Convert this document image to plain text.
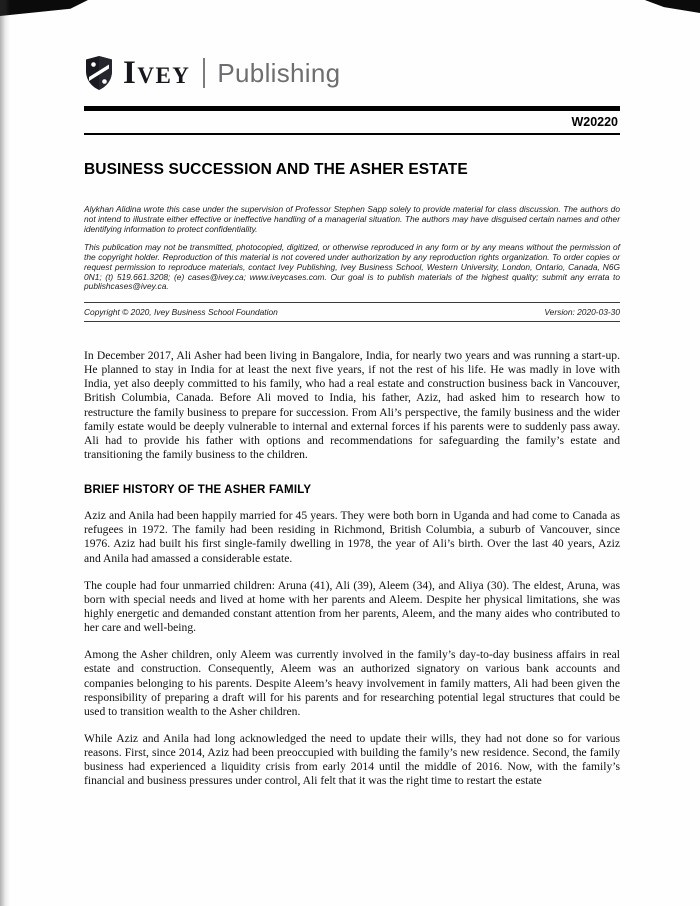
Ivey Publishing
W20220
BUSINESS SUCCESSION AND THE ASHER ESTATE

Alykhan Alidina wrote this case under the supervision of Professor Stephen Sapp solely to provide material for class discussion. The authors do not intend to illustrate either effective or ineffective handling of a managerial situation. The authors may have disguised certain names and other identifying information to protect confidentiality.

This publication may not be transmitted, photocopied, digitized, or otherwise reproduced in any form or by any means without the permission of the copyright holder. Reproduction of this material is not covered under authorization by any reproduction rights organization. To order copies or request permission to reproduce materials, contact Ivey Publishing, Ivey Business School, Western University, London, Ontario, Canada, N6G 0N1; (t) 519.661.3208; (e) cases@ivey.ca; www.iveycases.com. Our goal is to publish materials of the highest quality; submit any errata to publishcases@ivey.ca.

Copyright © 2020, Ivey Business School Foundation	Version: 2020-03-30

In December 2017, Ali Asher had been living in Bangalore, India, for nearly two years and was running a start-up. He planned to stay in India for at least the next five years, if not the rest of his life. He was madly in love with India, yet also deeply committed to his family, who had a real estate and construction business back in Vancouver, British Columbia, Canada. Before Ali moved to India, his father, Aziz, had asked him to research how to restructure the family business to prepare for succession. From Ali’s perspective, the family business and the wider family estate would be deeply vulnerable to internal and external forces if his parents were to suddenly pass away. Ali had to provide his father with options and recommendations for safeguarding the family’s estate and transitioning the family business to the children.

BRIEF HISTORY OF THE ASHER FAMILY

Aziz and Anila had been happily married for 45 years. They were both born in Uganda and had come to Canada as refugees in 1972. The family had been residing in Richmond, British Columbia, a suburb of Vancouver, since 1976. Aziz had built his first single-family dwelling in 1978, the year of Ali’s birth. Over the last 40 years, Aziz and Anila had amassed a considerable estate.

The couple had four unmarried children: Aruna (41), Ali (39), Aleem (34), and Aliya (30). The eldest, Aruna, was born with special needs and lived at home with her parents and Aleem. Despite her physical limitations, she was highly energetic and demanded constant attention from her parents, Aleem, and the many aides who contributed to her care and well-being.

Among the Asher children, only Aleem was currently involved in the family’s day-to-day business affairs in real estate and construction. Consequently, Aleem was an authorized signatory on various bank accounts and companies belonging to his parents. Despite Aleem’s heavy involvement in family matters, Ali had been given the responsibility of preparing a draft will for his parents and for researching potential legal structures that could be used to transition wealth to the Asher children.

While Aziz and Anila had long acknowledged the need to update their wills, they had not done so for various reasons. First, since 2014, Aziz had been preoccupied with building the family’s new residence. Second, the family business had experienced a liquidity crisis from early 2014 until the middle of 2016. Now, with the family’s financial and business pressures under control, Ali felt that it was the right time to restart the estate
